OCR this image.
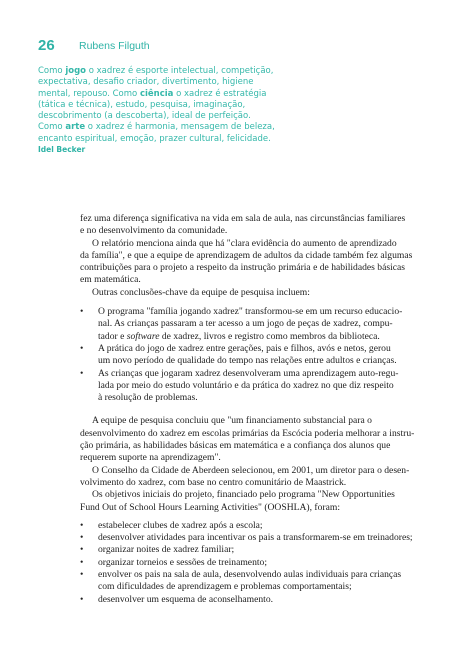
26 Rubens Filguth
Como jogo o xadrez é esporte intelectual, competição,
expectativa, desafio criador, divertimento, higiene
mental, repouso. Como ciência o xadrez é estratégia
(tática e técnica), estudo, pesquisa, imaginação,
descobrimento (a descoberta), ideal de perfeição.
Como arte o xadrez é harmonia, mensagem de beleza,
encanto espiritual, emoção, prazer cultural, felicidade.
Idel Becker
fez uma diferença significativa na vida em sala de aula, nas circunstâncias familiares
e no desenvolvimento da comunidade.
O relatório menciona ainda que há "clara evidência do aumento de aprendizado
da família", e que a equipe de aprendizagem de adultos da cidade também fez algumas
contribuições para o projeto a respeito da instrução primária e de habilidades básicas
em matemática.
Outras conclusões-chave da equipe de pesquisa incluem:
• O programa "família jogando xadrez" transformou-se em um recurso educacio-
nal. As crianças passaram a ter acesso a um jogo de peças de xadrez, compu-
tador e software de xadrez, livros e registro como membros da biblioteca.
• A prática do jogo de xadrez entre gerações, pais e filhos, avós e netos, gerou
um novo período de qualidade do tempo nas relações entre adultos e crianças.
• As crianças que jogaram xadrez desenvolveram uma aprendizagem auto-regu-
lada por meio do estudo voluntário e da prática do xadrez no que diz respeito
à resolução de problemas.
A equipe de pesquisa concluiu que "um financiamento substancial para o
desenvolvimento do xadrez em escolas primárias da Escócia poderia melhorar a instru-
ção primária, as habilidades básicas em matemática e a confiança dos alunos que
requerem suporte na aprendizagem".
O Conselho da Cidade de Aberdeen selecionou, em 2001, um diretor para o desen-
volvimento do xadrez, com base no centro comunitário de Maastrick.
Os objetivos iniciais do projeto, financiado pelo programa "New Opportunities
Fund Out of School Hours Learning Activities" (OOSHLA), foram:
• estabelecer clubes de xadrez após a escola;
• desenvolver atividades para incentivar os pais a transformarem-se em treinadores;
• organizar noites de xadrez familiar;
• organizar torneios e sessões de treinamento;
• envolver os pais na sala de aula, desenvolvendo aulas individuais para crianças
com dificuldades de aprendizagem e problemas comportamentais;
• desenvolver um esquema de aconselhamento.
